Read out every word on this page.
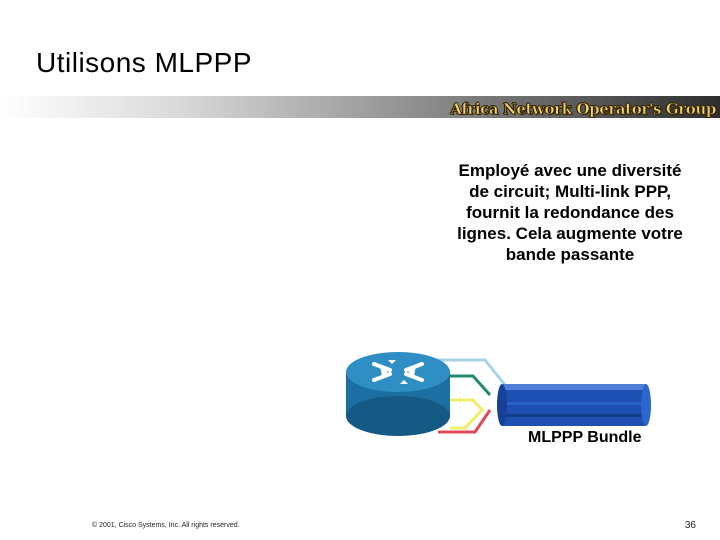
Utilisons MLPPP
Africa Network Operator's Group
Employé avec une diversité de circuit; Multi-link PPP, fournit la redondance des lignes. Cela augmente votre bande passante
MLPPP Bundle
© 2001, Cisco Systems, Inc. All rights reserved.	36
